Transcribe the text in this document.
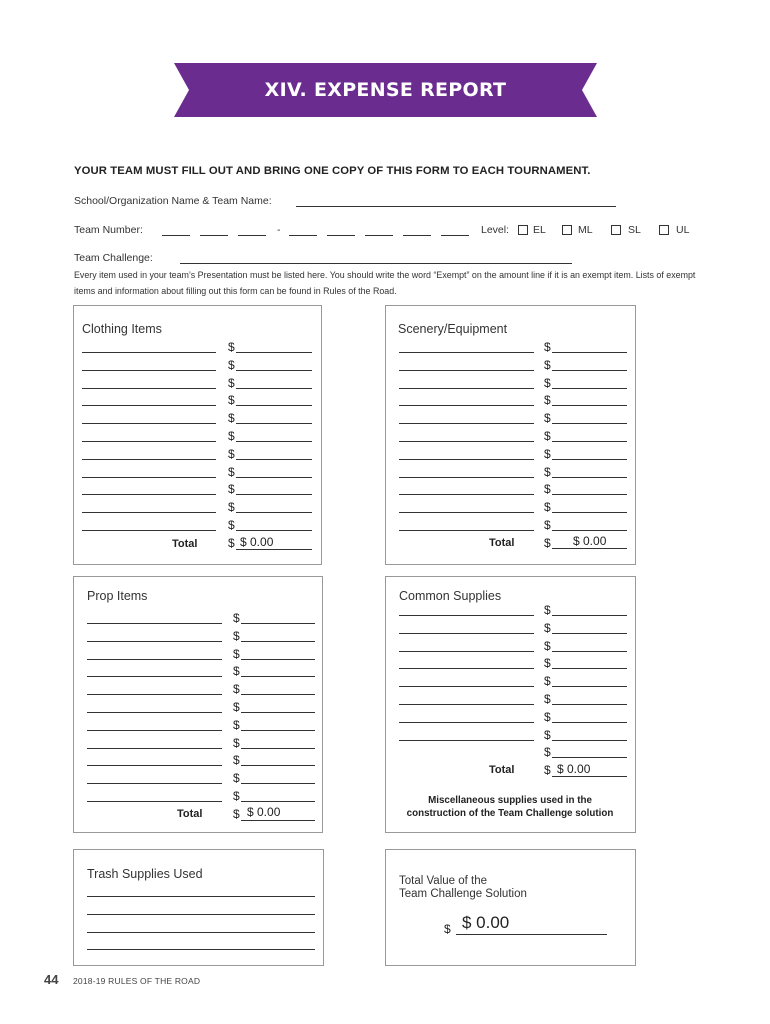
XIV. EXPENSE REPORT
YOUR TEAM MUST FILL OUT AND BRING ONE COPY OF THIS FORM TO EACH TOURNAMENT.
School/Organization Name & Team Name:
Team Number:	-	Level: EL	ML	SL	UL
Team Challenge:
Every item used in your team’s Presentation must be listed here. You should write the word “Exempt” on the amount line if it is an exempt item. Lists of exempt items and information about filling out this form can be found in Rules of the Road.
Clothing Items
$
$
$
$
$
$
$
$
$
$
$
Total	$ $ 0.00
Scenery/Equipment
$
$
$
$
$
$
$
$
$
$
$
Total $ $ 0.00
Prop Items
$
$
$
$
$
$
$
$
$
$
$
Total	$ $ 0.00
Common Supplies
$
$
$
$
$
$
$
$
$
Total $ $ 0.00
Miscellaneous supplies used in the
construction of the Team Challenge solution
Trash Supplies Used	Total Value of the
Team Challenge Solution
$ $ 0.00
44 2018-19 RULES OF THE ROAD
